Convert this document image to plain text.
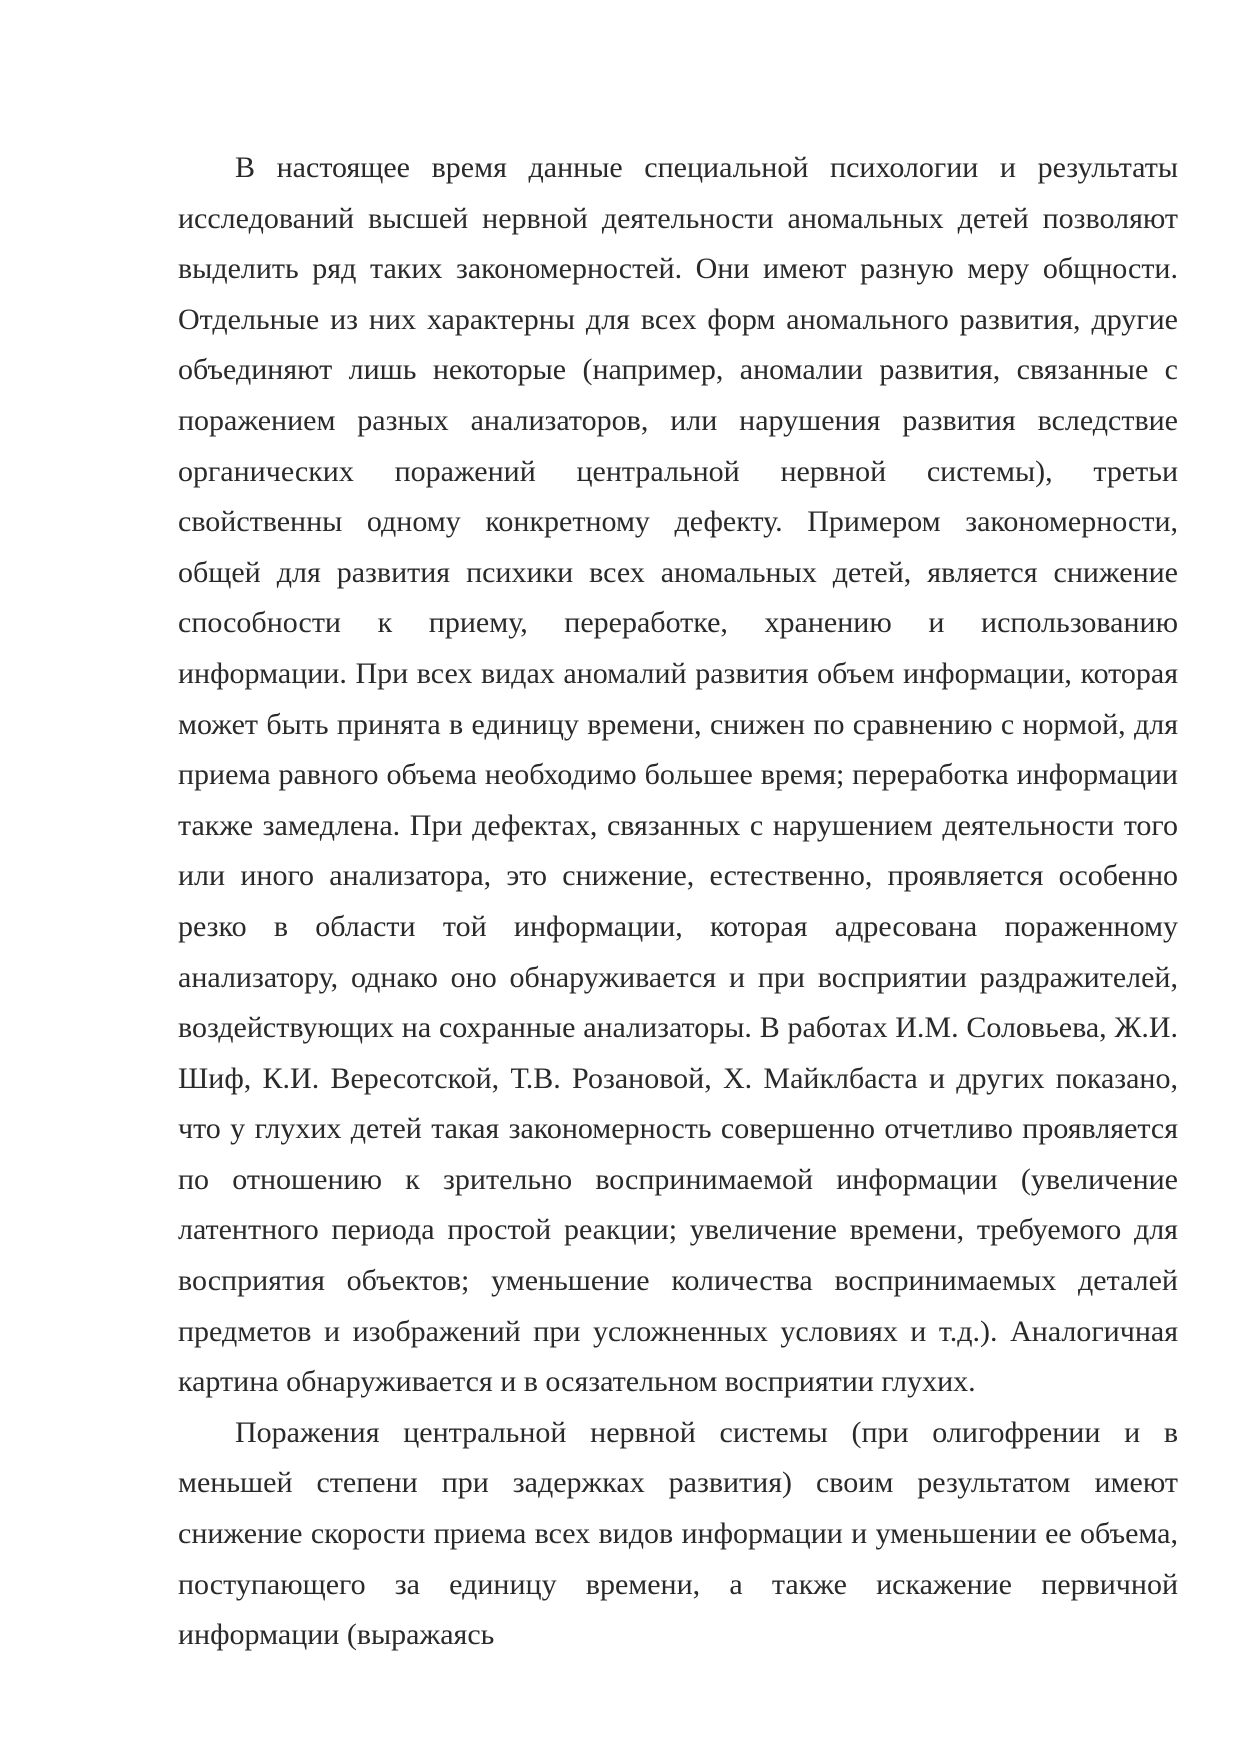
В настоящее время данные специальной психологии и результаты исследований высшей нервной деятельности аномальных детей позволяют выделить ряд таких закономерностей. Они имеют разную меру общности. Отдельные из них характерны для всех форм аномального развития, другие объединяют лишь некоторые (например, аномалии развития, связанные с поражением разных анализаторов, или нарушения развития вследствие органических поражений центральной нервной системы), третьи свойственны одному конкретному дефекту. Примером закономерности, общей для развития психики всех аномальных детей, является снижение способности к приему, переработке, хранению и использованию информации. При всех видах аномалий развития объем информации, которая может быть принята в единицу времени, снижен по сравнению с нормой, для приема равного объема необходимо большее время; переработка информации также замедлена. При дефектах, связанных с нарушением деятельности того или иного анализатора, это снижение, естественно, проявляется особенно резко в области той информации, которая адресована пораженному анализатору, однако оно обнаруживается и при восприятии раздражителей, воздействующих на сохранные анализаторы. В работах И.М. Соловьева, Ж.И. Шиф, К.И. Вересотской, Т.В. Розановой, Х. Майклбаста и других показано, что у глухих детей такая закономерность совершенно отчетливо проявляется по отношению к зрительно воспринимаемой информации (увеличение латентного периода простой реакции; увеличение времени, требуемого для восприятия объектов; уменьшение количества воспринимаемых деталей предметов и изображений при усложненных условиях и т.д.). Аналогичная картина обнаруживается и в осязательном восприятии глухих.

Поражения центральной нервной системы (при олигофрении и в меньшей степени при задержках развития) своим результатом имеют снижение скорости приема всех видов информации и уменьшении ее объема, поступающего за единицу времени, а также искажение первичной информации (выражаясь
